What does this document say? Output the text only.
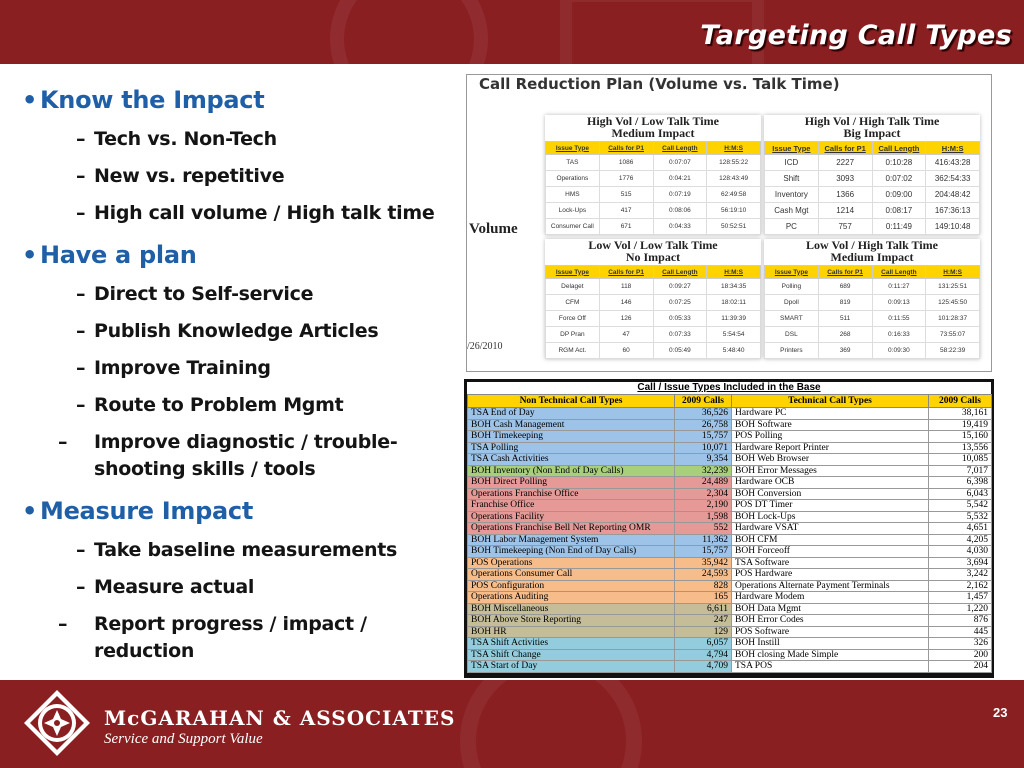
Targeting Call Types
• Know the Impact
– Tech vs. Non-Tech
– New vs. repetitive
– High call volume / High talk time
• Have a plan
– Direct to Self-service
– Publish Knowledge Articles
– Improve Training
– Route to Problem Mgmt
– Improve diagnostic / trouble-shooting skills / tools
• Measure Impact
– Take baseline measurements
– Measure actual
– Report progress / impact / reduction
Call Reduction Plan (Volume vs. Talk Time)
Volume
/26/2010
High Vol / Low Talk Time
Medium Impact
Issue Type	Calls for P1	Call Length	H:M:S
TAS	1086	0:07:07	128:55:22
Operations	1776	0:04:21	128:43:49
HMS	515	0:07:19	62:49:58
Lock-Ups	417	0:08:06	56:19:10
Consumer Call	671	0:04:33	50:52:51
High Vol / High Talk Time
Big Impact
Issue Type	Calls for P1	Call Length	H:M:S
ICD	2227	0:10:28	416:43:28
Shift	3093	0:07:02	362:54:33
Inventory	1366	0:09:00	204:48:42
Cash Mgt	1214	0:08:17	167:36:13
PC	757	0:11:49	149:10:48
Low Vol / Low Talk Time
No Impact
Issue Type	Calls for P1	Call Length	H:M:S
Delaget	118	0:09:27	18:34:35
CFM	146	0:07:25	18:02:11
Force Off	126	0:05:33	11:39:39
DP Pran	47	0:07:33	5:54:54
RGM Act.	60	0:05:49	5:48:40
Low Vol / High Talk Time
Medium Impact
Issue Type	Calls for P1	Call Length	H:M:S
Polling	689	0:11:27	131:25:51
Dpoll	819	0:09:13	125:45:50
SMART	511	0:11:55	101:28:37
DSL	268	0:16:33	73:55:07
Printers	369	0:09:30	58:22:39
Call / Issue Types Included in the Base
Non Technical Call Types	2009 Calls	Technical Call Types	2009 Calls
TSA End of Day	36,526	Hardware PC	38,161
BOH Cash Management	26,758	BOH Software	19,419
BOH Timekeeping	15,757	POS Polling	15,160
TSA Polling	10,071	Hardware Report Printer	13,556
TSA Cash Activities	9,354	BOH Web Browser	10,085
BOH Inventory (Non End of Day Calls)	32,239	BOH Error Messages	7,017
BOH Direct Polling	24,489	Hardware OCB	6,398
Operations Franchise Office	2,304	BOH Conversion	6,043
Franchise Office	2,190	POS DT Timer	5,542
Operations Facility	1,598	BOH Lock-Ups	5,532
Operations Franchise Bell Net Reporting OMR	552	Hardware VSAT	4,651
BOH Labor Management System	11,362	BOH CFM	4,205
BOH Timekeeping (Non End of Day Calls)	15,757	BOH Forceoff	4,030
POS Operations	35,942	TSA Software	3,694
Operations Consumer Call	24,593	POS Hardware	3,242
POS Configuration	828	Operations Alternate Payment Terminals	2,162
Operations Auditing	165	Hardware Modem	1,457
BOH Miscellaneous	6,611	BOH Data Mgmt	1,220
BOH Above Store Reporting	247	BOH Error Codes	876
BOH HR	129	POS Software	445
TSA Shift Activities	6,057	BOH Instill	326
TSA Shift Change	4,794	BOH closing Made Simple	200
TSA Start of Day	4,709	TSA POS	204
McGARAHAN & ASSOCIATES
Service and Support Value
23
